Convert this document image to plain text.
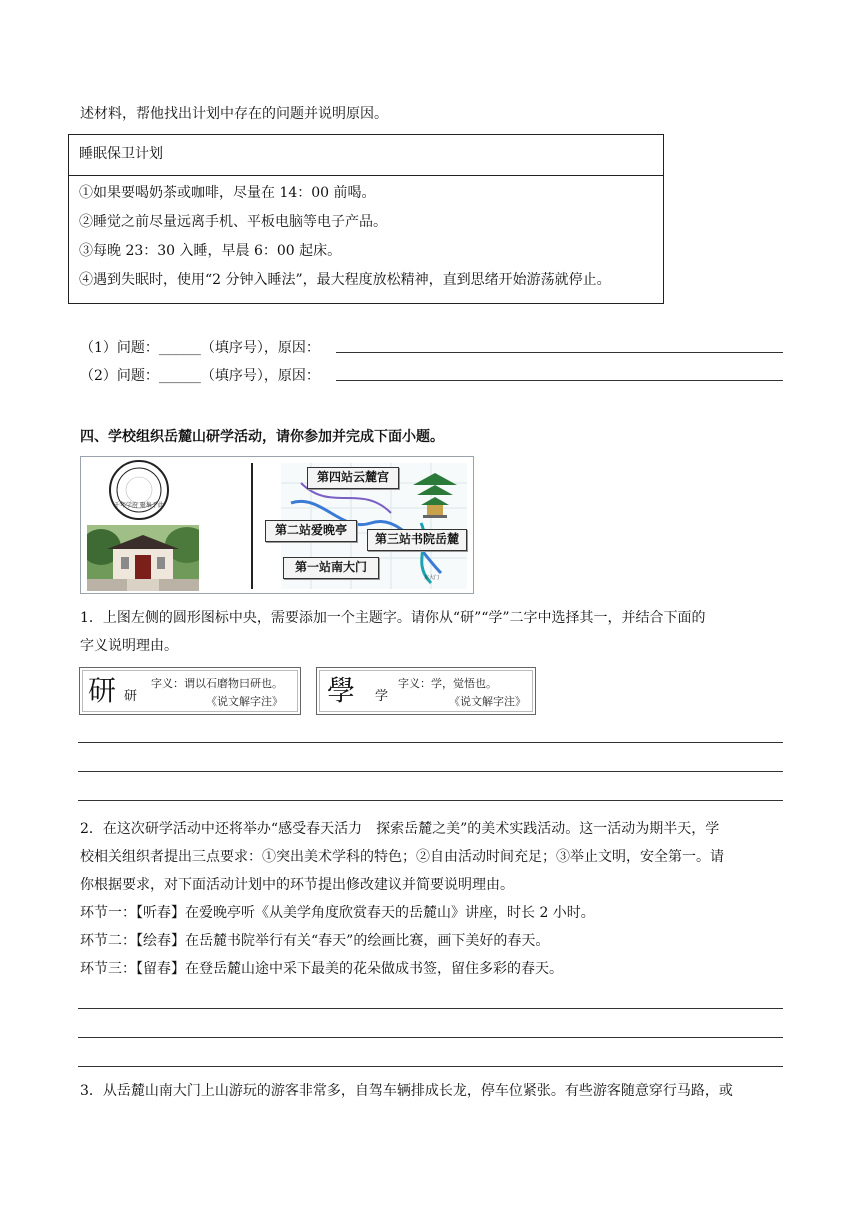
述材料，帮他找出计划中存在的问题并说明原因。
睡眠保卫计划
①如果要喝奶茶或咖啡，尽量在 14：00 前喝。
②睡觉之前尽量远离手机、平板电脑等电子产品。
③每晚 23：30 入睡，早晨 6：00 起床。
④遇到失眠时，使用“2 分钟入睡法”，最大程度放松精神，直到思绪开始游荡就停止。
（1）问题：______（填序号），原因：
（2）问题：______（填序号），原因：
四、学校组织岳麓山研学活动，请你参加并完成下面小题。
千年学府 聚集于此
东大门
第四站云麓宫
第二站爱晚亭
第三站书院岳麓
第一站南大门
1．上图左侧的圆形图标中央，需要添加一个主题字。请你从“研”“学”二字中选择其一，并结合下面的
字义说明理由。
研 研
字义：谓以石磨物曰研也。
《说文解字注》 學 学
字义：学，觉悟也。
《说文解字注》
2．在这次研学活动中还将举办“感受春天活力　探索岳麓之美”的美术实践活动。这一活动为期半天，学
校相关组织者提出三点要求：①突出美术学科的特色；②自由活动时间充足；③举止文明，安全第一。请
你根据要求，对下面活动计划中的环节提出修改建议并简要说明理由。
环节一：【听春】在爱晚亭听《从美学角度欣赏春天的岳麓山》讲座，时长 2 小时。
环节二：【绘春】在岳麓书院举行有关“春天”的绘画比赛，画下美好的春天。
环节三：【留春】在登岳麓山途中采下最美的花朵做成书签，留住多彩的春天。
3．从岳麓山南大门上山游玩的游客非常多，自驾车辆排成长龙，停车位紧张。有些游客随意穿行马路，或
